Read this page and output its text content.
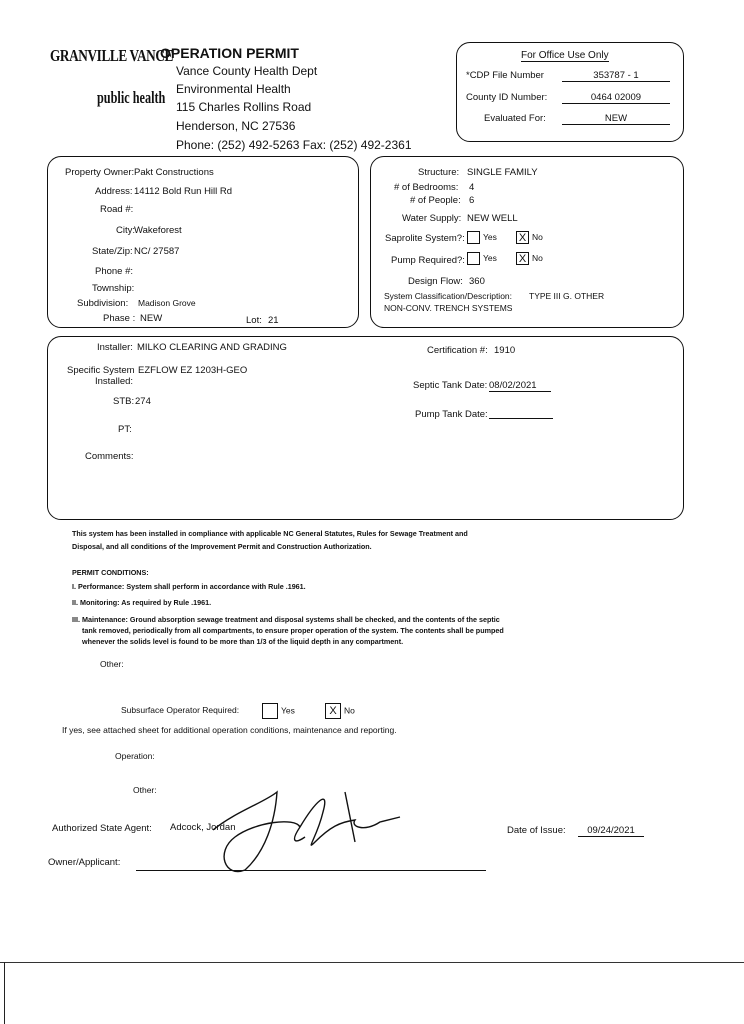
GRANVILLE VANCE
public health
OPERATION PERMIT
Vance County Health Dept
Environmental Health
115 Charles Rollins Road
Henderson, NC 27536
Phone: (252) 492-5263 Fax: (252) 492-2361
For Office Use Only
*CDP File Number	353787 - 1
County ID Number:	0464 02009
Evaluated For:	NEW
Property Owner: Pakt Constructions
Address: 14112 Bold Run Hill Rd
Road #:
City: Wakeforest
State/Zip: NC/ 27587
Phone #:
Township:
Subdivision: Madison Grove
Phase : NEW	Lot: 21
Structure: SINGLE FAMILY
# of Bedrooms: 4
# of People: 6
Water Supply: NEW WELL
Saprolite System?:	Yes X No
Pump Required?:	Yes X No
Design Flow: 360
System Classification/Description: TYPE III G. OTHER
NON-CONV. TRENCH SYSTEMS
Installer: MILKO CLEARING AND GRADING	Certification #: 1910
Specific System
Installed:
EZFLOW EZ 1203H-GEO
Septic Tank Date: 08/02/2021
STB: 274
Pump Tank Date:
PT:
Comments:
This system has been installed in compliance with applicable NC General Statutes, Rules for Sewage Treatment and
Disposal, and all conditions of the Improvement Permit and Construction Authorization.
PERMIT CONDITIONS:
I. Performance: System shall perform in accordance with Rule .1961.
II. Monitoring: As required by Rule .1961.
III. Maintenance: Ground absorption sewage treatment and disposal systems shall be checked, and the contents of the septic
tank removed, periodically from all compartments, to ensure proper operation of the system. The contents shall be pumped
whenever the solids level is found to be more than 1/3 of the liquid depth in any compartment.
Other:
Subsurface Operator Required:	Yes	X No
If yes, see attached sheet for additional operation conditions, maintenance and reporting.
Operation:
Other:
Authorized State Agent: Adcock, Jordan	Date of Issue:	09/24/2021
Owner/Applicant:
